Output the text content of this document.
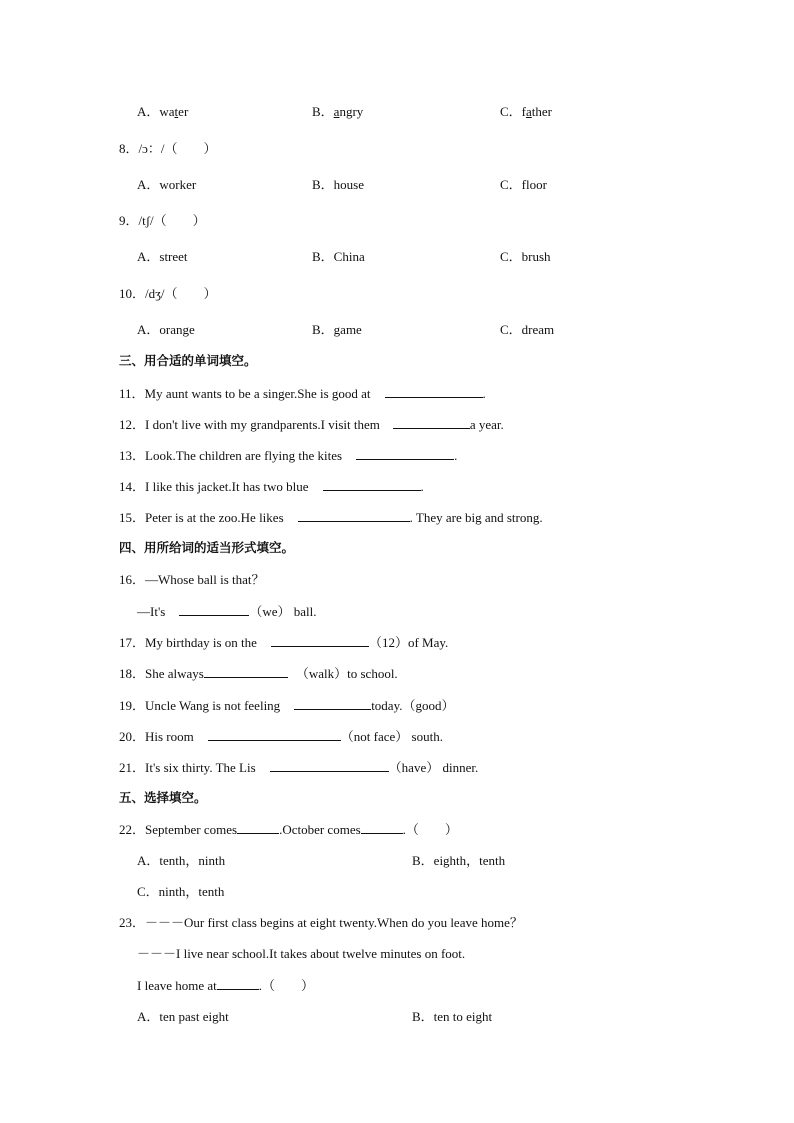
A．water	B．angry	C．father
8．/ɔ：/（　　）
A．worker	B．house	C．floor
9．/tʃ/（　　）
A．street	B．China	C．brush
10．/dʒ/（　　）
A．orange	B．game	C．dream
三、用合适的单词填空。
11．My aunt wants to be a singer.She is good at	.
12．I don't live with my grandparents.I visit them	a year.
13．Look.The children are flying the kites	.
14．I like this jacket.It has two blue	.
15．Peter is at the zoo.He likes	. They are big and strong.
四、用所给词的适当形式填空。
16．—Whose ball is that？
—It's	（we） ball.
17．My birthday is on the	（12）of May.
18．She always	（walk）to school.
19．Uncle Wang is not feeling	today.（good）
20．His room	（not face） south.
21．It's six thirty. The Lis	（have） dinner.
五、选择填空。
22．September comes	.October comes	.（　　）
A．tenth，ninth	B．eighth，tenth
C．ninth，tenth
23．－－－Our first class begins at eight twenty.When do you leave home？
－－－I live near school.It takes about twelve minutes on foot.
I leave home at	.（　　）
A．ten past eight	B．ten to eight
